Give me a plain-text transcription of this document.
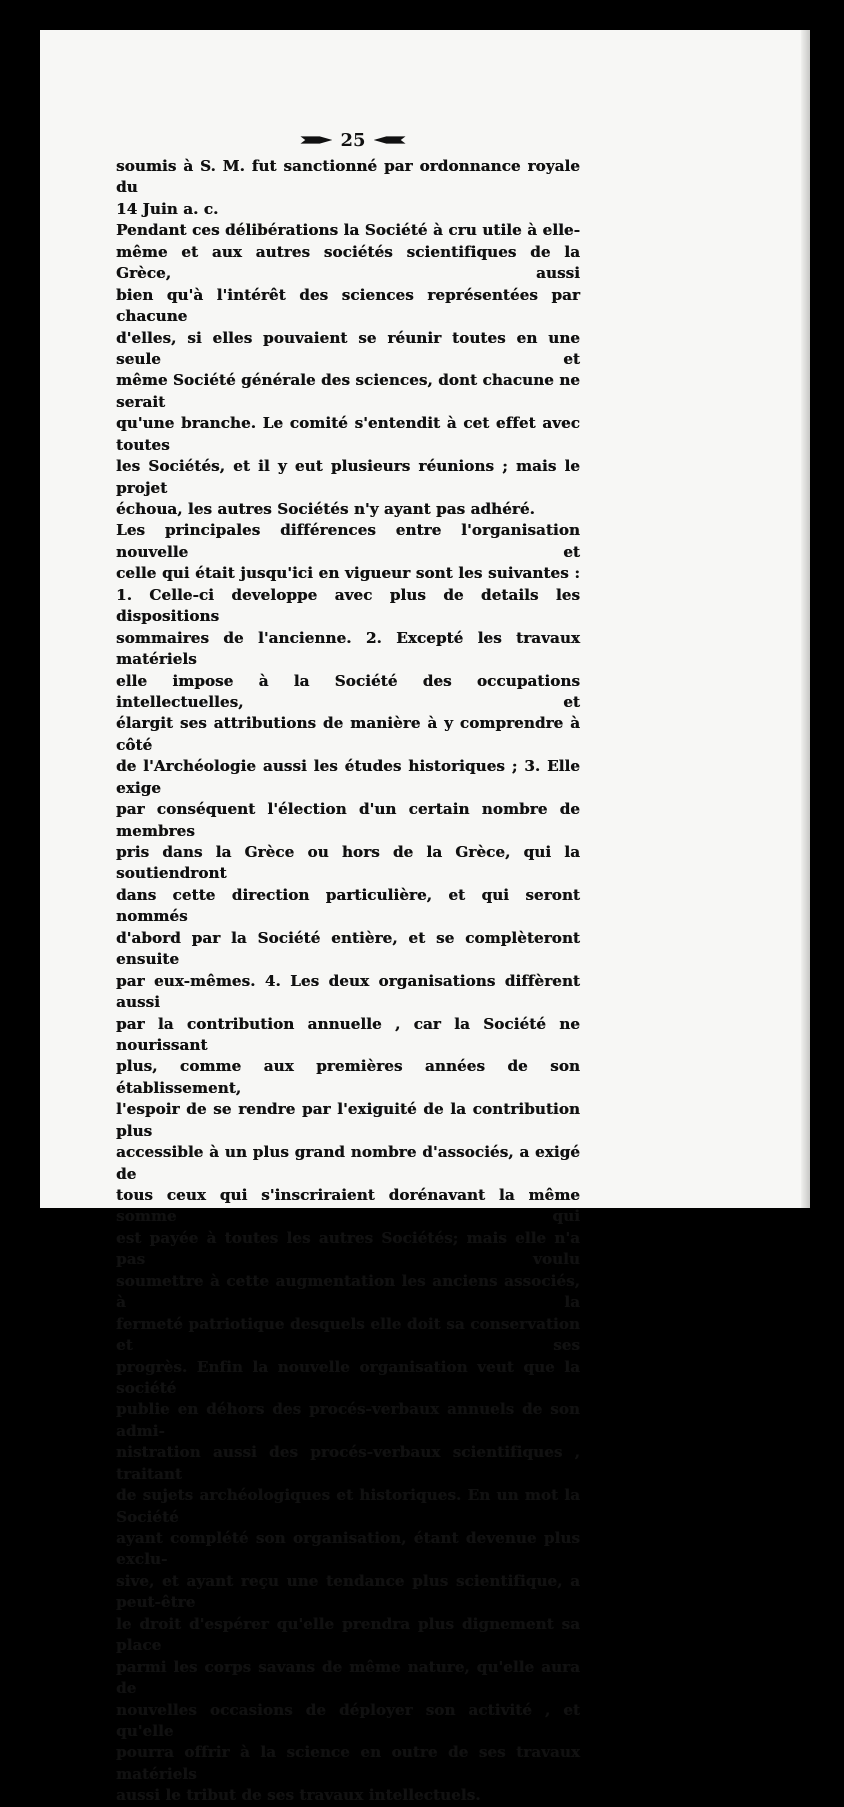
25
soumis à S. M. fut sanctionné par ordonnance royale du
14 Juin a. c.
Pendant ces délibérations la Société à cru utile à elle-
même et aux autres sociétés scientifiques de la Grèce, aussi
bien qu'à l'intérêt des sciences représentées par chacune
d'elles, si elles pouvaient se réunir toutes en une seule et
même Société générale des sciences, dont chacune ne serait
qu'une branche. Le comité s'entendit à cet effet avec toutes
les Sociétés, et il y eut plusieurs réunions ; mais le projet
échoua, les autres Sociétés n'y ayant pas adhéré.
Les principales différences entre l'organisation nouvelle et
celle qui était jusqu'ici en vigueur sont les suivantes :
1. Celle-ci developpe avec plus de details les dispositions
sommaires de l'ancienne. 2. Excepté les travaux matériels
elle impose à la Société des occupations intellectuelles, et
élargit ses attributions de manière à y comprendre à côté
de l'Archéologie aussi les études historiques ; 3. Elle exige
par conséquent l'élection d'un certain nombre de membres
pris dans la Grèce ou hors de la Grèce, qui la soutiendront
dans cette direction particulière, et qui seront nommés
d'abord par la Société entière, et se complèteront ensuite
par eux-mêmes. 4. Les deux organisations diffèrent aussi
par la contribution annuelle , car la Société ne nourissant
plus, comme aux premières années de son établissement,
l'espoir de se rendre par l'exiguité de la contribution plus
accessible à un plus grand nombre d'associés, a exigé de
tous ceux qui s'inscriraient dorénavant la même somme qui
est payée à toutes les autres Sociétés; mais elle n'a pas voulu
soumettre à cette augmentation les anciens associés, à la
fermeté patriotique desquels elle doit sa conservation et ses
progrès. Enfin la nouvelle organisation veut que la société
publie en déhors des procés-verbaux annuels de son admi-
nistration aussi des procés-verbaux scientifiques , traitant
de sujets archéologiques et historiques. En un mot la Société
ayant complété son organisation, étant devenue plus exclu-
sive, et ayant reçu une tendance plus scientifique, a peut-être
le droit d'espérer qu'elle prendra plus dignement sa place
parmi les corps savans de même nature, qu'elle aura de
nouvelles occasions de déployer son activité , et qu'elle
pourra offrir à la science en outre de ses travaux matériels
aussi le tribut de ses travaux intellectuels.
